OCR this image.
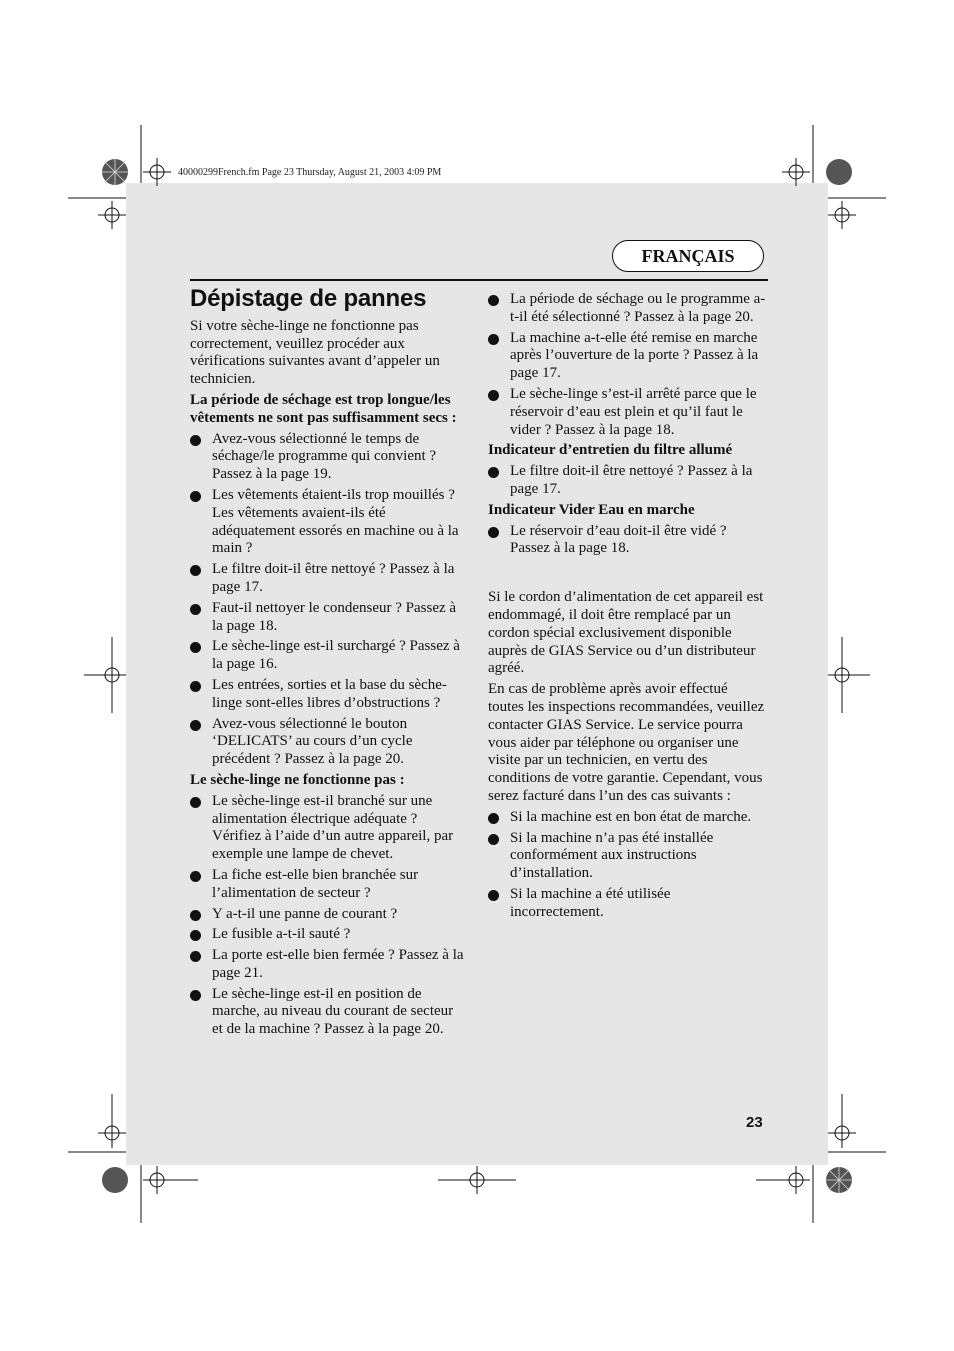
40000299French.fm Page 23 Thursday, August 21, 2003 4:09 PM
FRANÇAIS
Dépistage de pannes

Si votre sèche-linge ne fonctionne pas correctement, veuillez procéder aux vérifications suivantes avant d’appeler un technicien.

La période de séchage est trop longue/les vêtements ne sont pas suffisamment secs :

Avez-vous sélectionné le temps de séchage/le programme qui convient ? Passez à la page 19.
Les vêtements étaient-ils trop mouillés ? Les vêtements avaient-ils été adéquatement essorés en machine ou à la main ?
Le filtre doit-il être nettoyé ? Passez à la page 17.
Faut-il nettoyer le condenseur ? Passez à la page 18.
Le sèche-linge est-il surchargé ? Passez à la page 16.
Les entrées, sorties et la base du sèche-linge sont-elles libres d’obstructions ?
Avez-vous sélectionné le bouton ‘DELICATS’ au cours d’un cycle précédent ? Passez à la page 20.

Le sèche-linge ne fonctionne pas :

Le sèche-linge est-il branché sur une alimentation électrique adéquate ? Vérifiez à l’aide d’un autre appareil, par exemple une lampe de chevet.
La fiche est-elle bien branchée sur l’alimentation de secteur ?
Y a-t-il une panne de courant ?
Le fusible a-t-il sauté ?
La porte est-elle bien fermée ? Passez à la page 21.
Le sèche-linge est-il en position de marche, au niveau du courant de secteur et de la machine ? Passez à la page 20.
La période de séchage ou le programme a-t-il été sélectionné ? Passez à la page 20.
La machine a-t-elle été remise en marche après l’ouverture de la porte ? Passez à la page 17.
Le sèche-linge s’est-il arrêté parce que le réservoir d’eau est plein et qu’il faut le vider ? Passez à la page 18.

Indicateur d’entretien du filtre allumé

Le filtre doit-il être nettoyé ? Passez à la page 17.

Indicateur Vider Eau en marche

Le réservoir d’eau doit-il être vidé ? Passez à la page 18.

Si le cordon d’alimentation de cet appareil est endommagé, il doit être remplacé par un cordon spécial exclusivement disponible auprès de GIAS Service ou d’un distributeur agréé.

En cas de problème après avoir effectué toutes les inspections recommandées, veuillez contacter GIAS Service. Le service pourra vous aider par téléphone ou organiser une visite par un technicien, en vertu des conditions de votre garantie. Cependant, vous serez facturé dans l’un des cas suivants :

Si la machine est en bon état de marche.
Si la machine n’a pas été installée conformément aux instructions d’installation.
Si la machine a été utilisée incorrectement.
23
